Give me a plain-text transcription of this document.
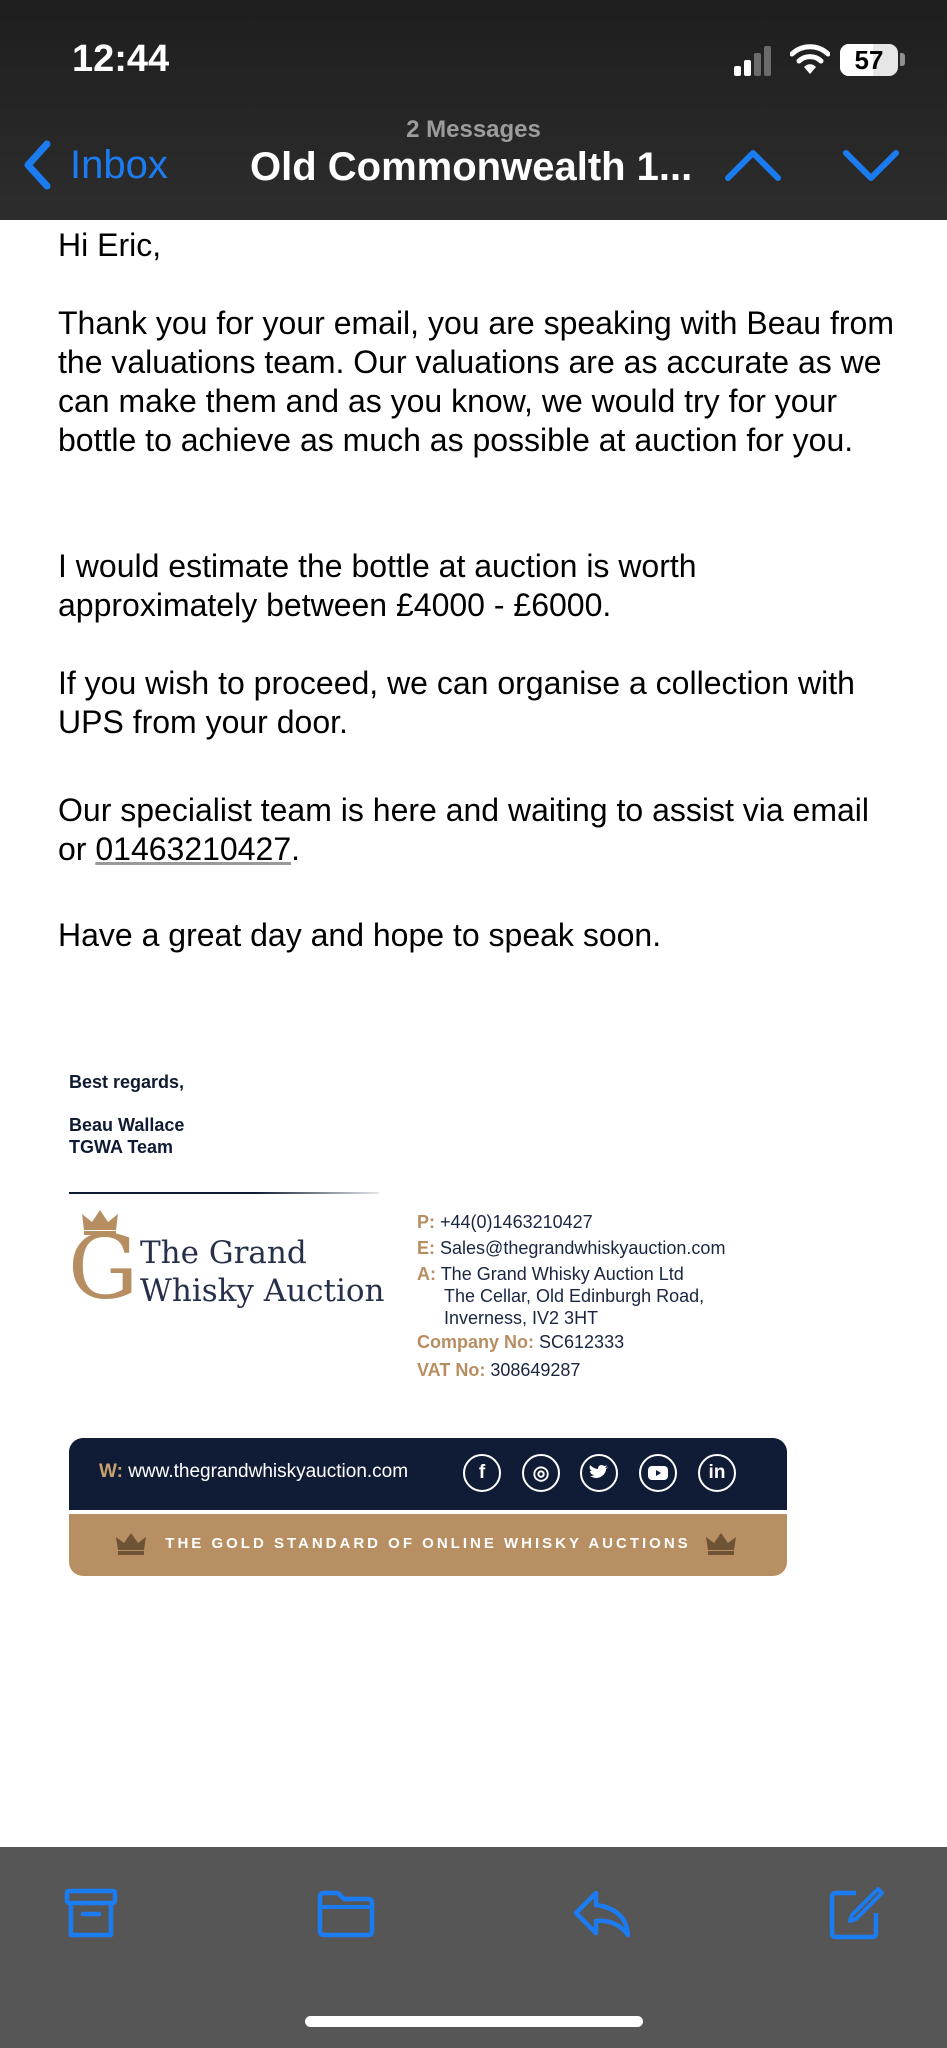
12:44	57
2 Messages
Inbox Old Commonwealth 1...

Hi Eric,

Thank you for your email, you are speaking with Beau from the valuations team. Our valuations are as accurate as we can make them and as you know, we would try for your bottle to achieve as much as possible at auction for you.

I would estimate the bottle at auction is worth approximately between £4000 - £6000.

If you wish to proceed, we can organise a collection with UPS from your door.

Our specialist team is here and waiting to assist via email or 01463210427.

Have a great day and hope to speak soon.

Best regards,
Beau Wallace
TGWA Team
G The Grand
Whisky Auction
P: +44(0)1463210427
E: Sales@thegrandwhiskyauction.com
A: The Grand Whisky Auction Ltd
The Cellar, Old Edinburgh Road,
Inverness, IV2 3HT
Company No: SC612333
VAT No: 308649287
W: www.thegrandwhiskyauction.com	f	◎	in
THE GOLD STANDARD OF ONLINE WHISKY AUCTIONS
